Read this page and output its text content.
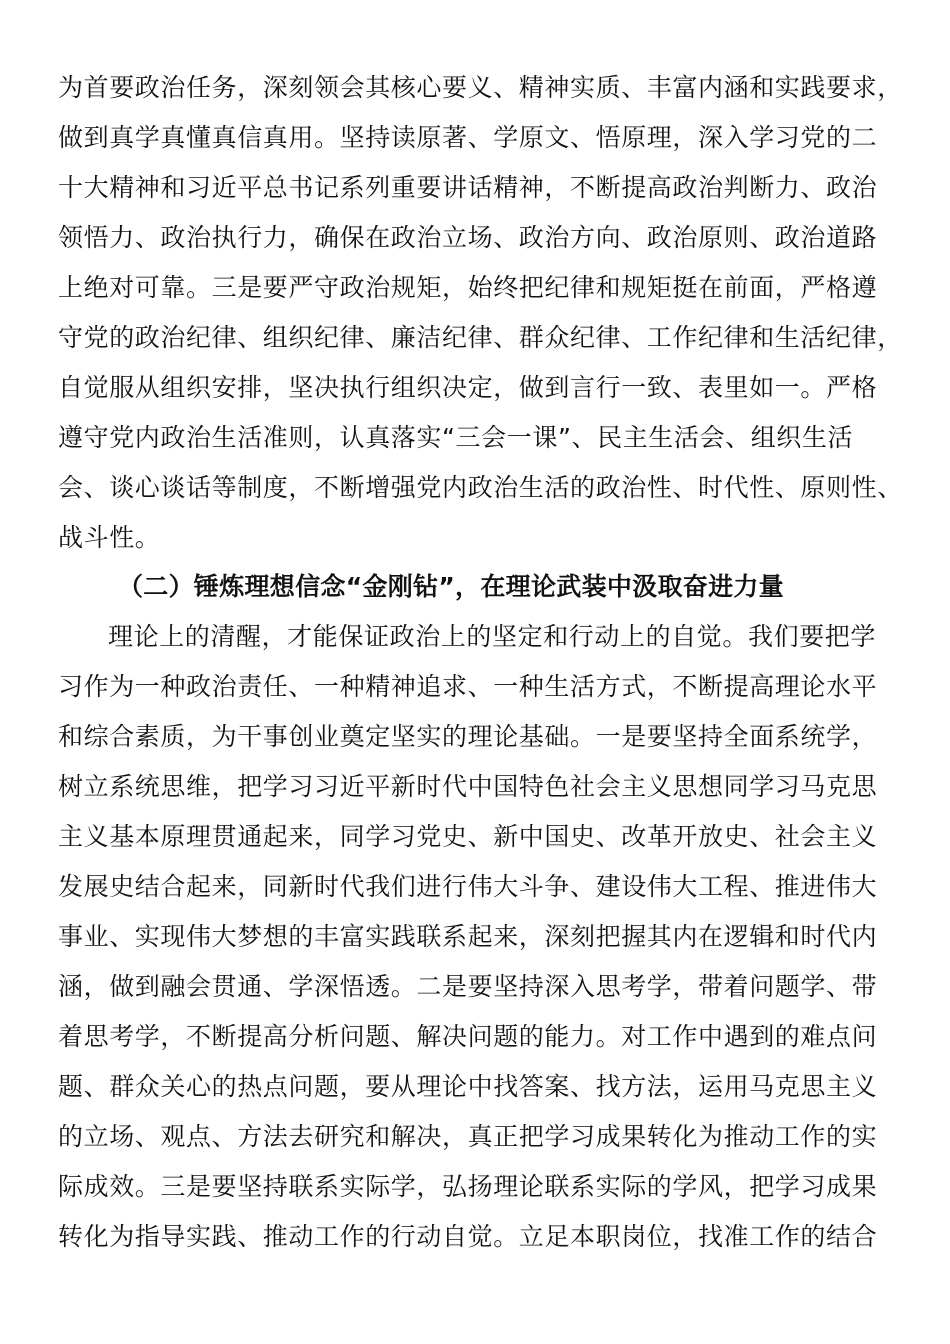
为首要政治任务，深刻领会其核心要义、精神实质、丰富内涵和实践要求，
做到真学真懂真信真用。坚持读原著、学原文、悟原理，深入学习党的二
十大精神和习近平总书记系列重要讲话精神，不断提高政治判断力、政治
领悟力、政治执行力，确保在政治立场、政治方向、政治原则、政治道路
上绝对可靠。三是要严守政治规矩，始终把纪律和规矩挺在前面，严格遵
守党的政治纪律、组织纪律、廉洁纪律、群众纪律、工作纪律和生活纪律，
自觉服从组织安排，坚决执行组织决定，做到言行一致、表里如一。严格
遵守党内政治生活准则，认真落实“三会一课”、民主生活会、组织生活
会、谈心谈话等制度，不断增强党内政治生活的政治性、时代性、原则性、
战斗性。
（二）锤炼理想信念“金刚钻”，在理论武装中汲取奋进力量
理论上的清醒，才能保证政治上的坚定和行动上的自觉。我们要把学
习作为一种政治责任、一种精神追求、一种生活方式，不断提高理论水平
和综合素质，为干事创业奠定坚实的理论基础。一是要坚持全面系统学，
树立系统思维，把学习习近平新时代中国特色社会主义思想同学习马克思
主义基本原理贯通起来，同学习党史、新中国史、改革开放史、社会主义
发展史结合起来，同新时代我们进行伟大斗争、建设伟大工程、推进伟大
事业、实现伟大梦想的丰富实践联系起来，深刻把握其内在逻辑和时代内
涵，做到融会贯通、学深悟透。二是要坚持深入思考学，带着问题学、带
着思考学，不断提高分析问题、解决问题的能力。对工作中遇到的难点问
题、群众关心的热点问题，要从理论中找答案、找方法，运用马克思主义
的立场、观点、方法去研究和解决，真正把学习成果转化为推动工作的实
际成效。三是要坚持联系实际学，弘扬理论联系实际的学风，把学习成果
转化为指导实践、推动工作的行动自觉。立足本职岗位，找准工作的结合
